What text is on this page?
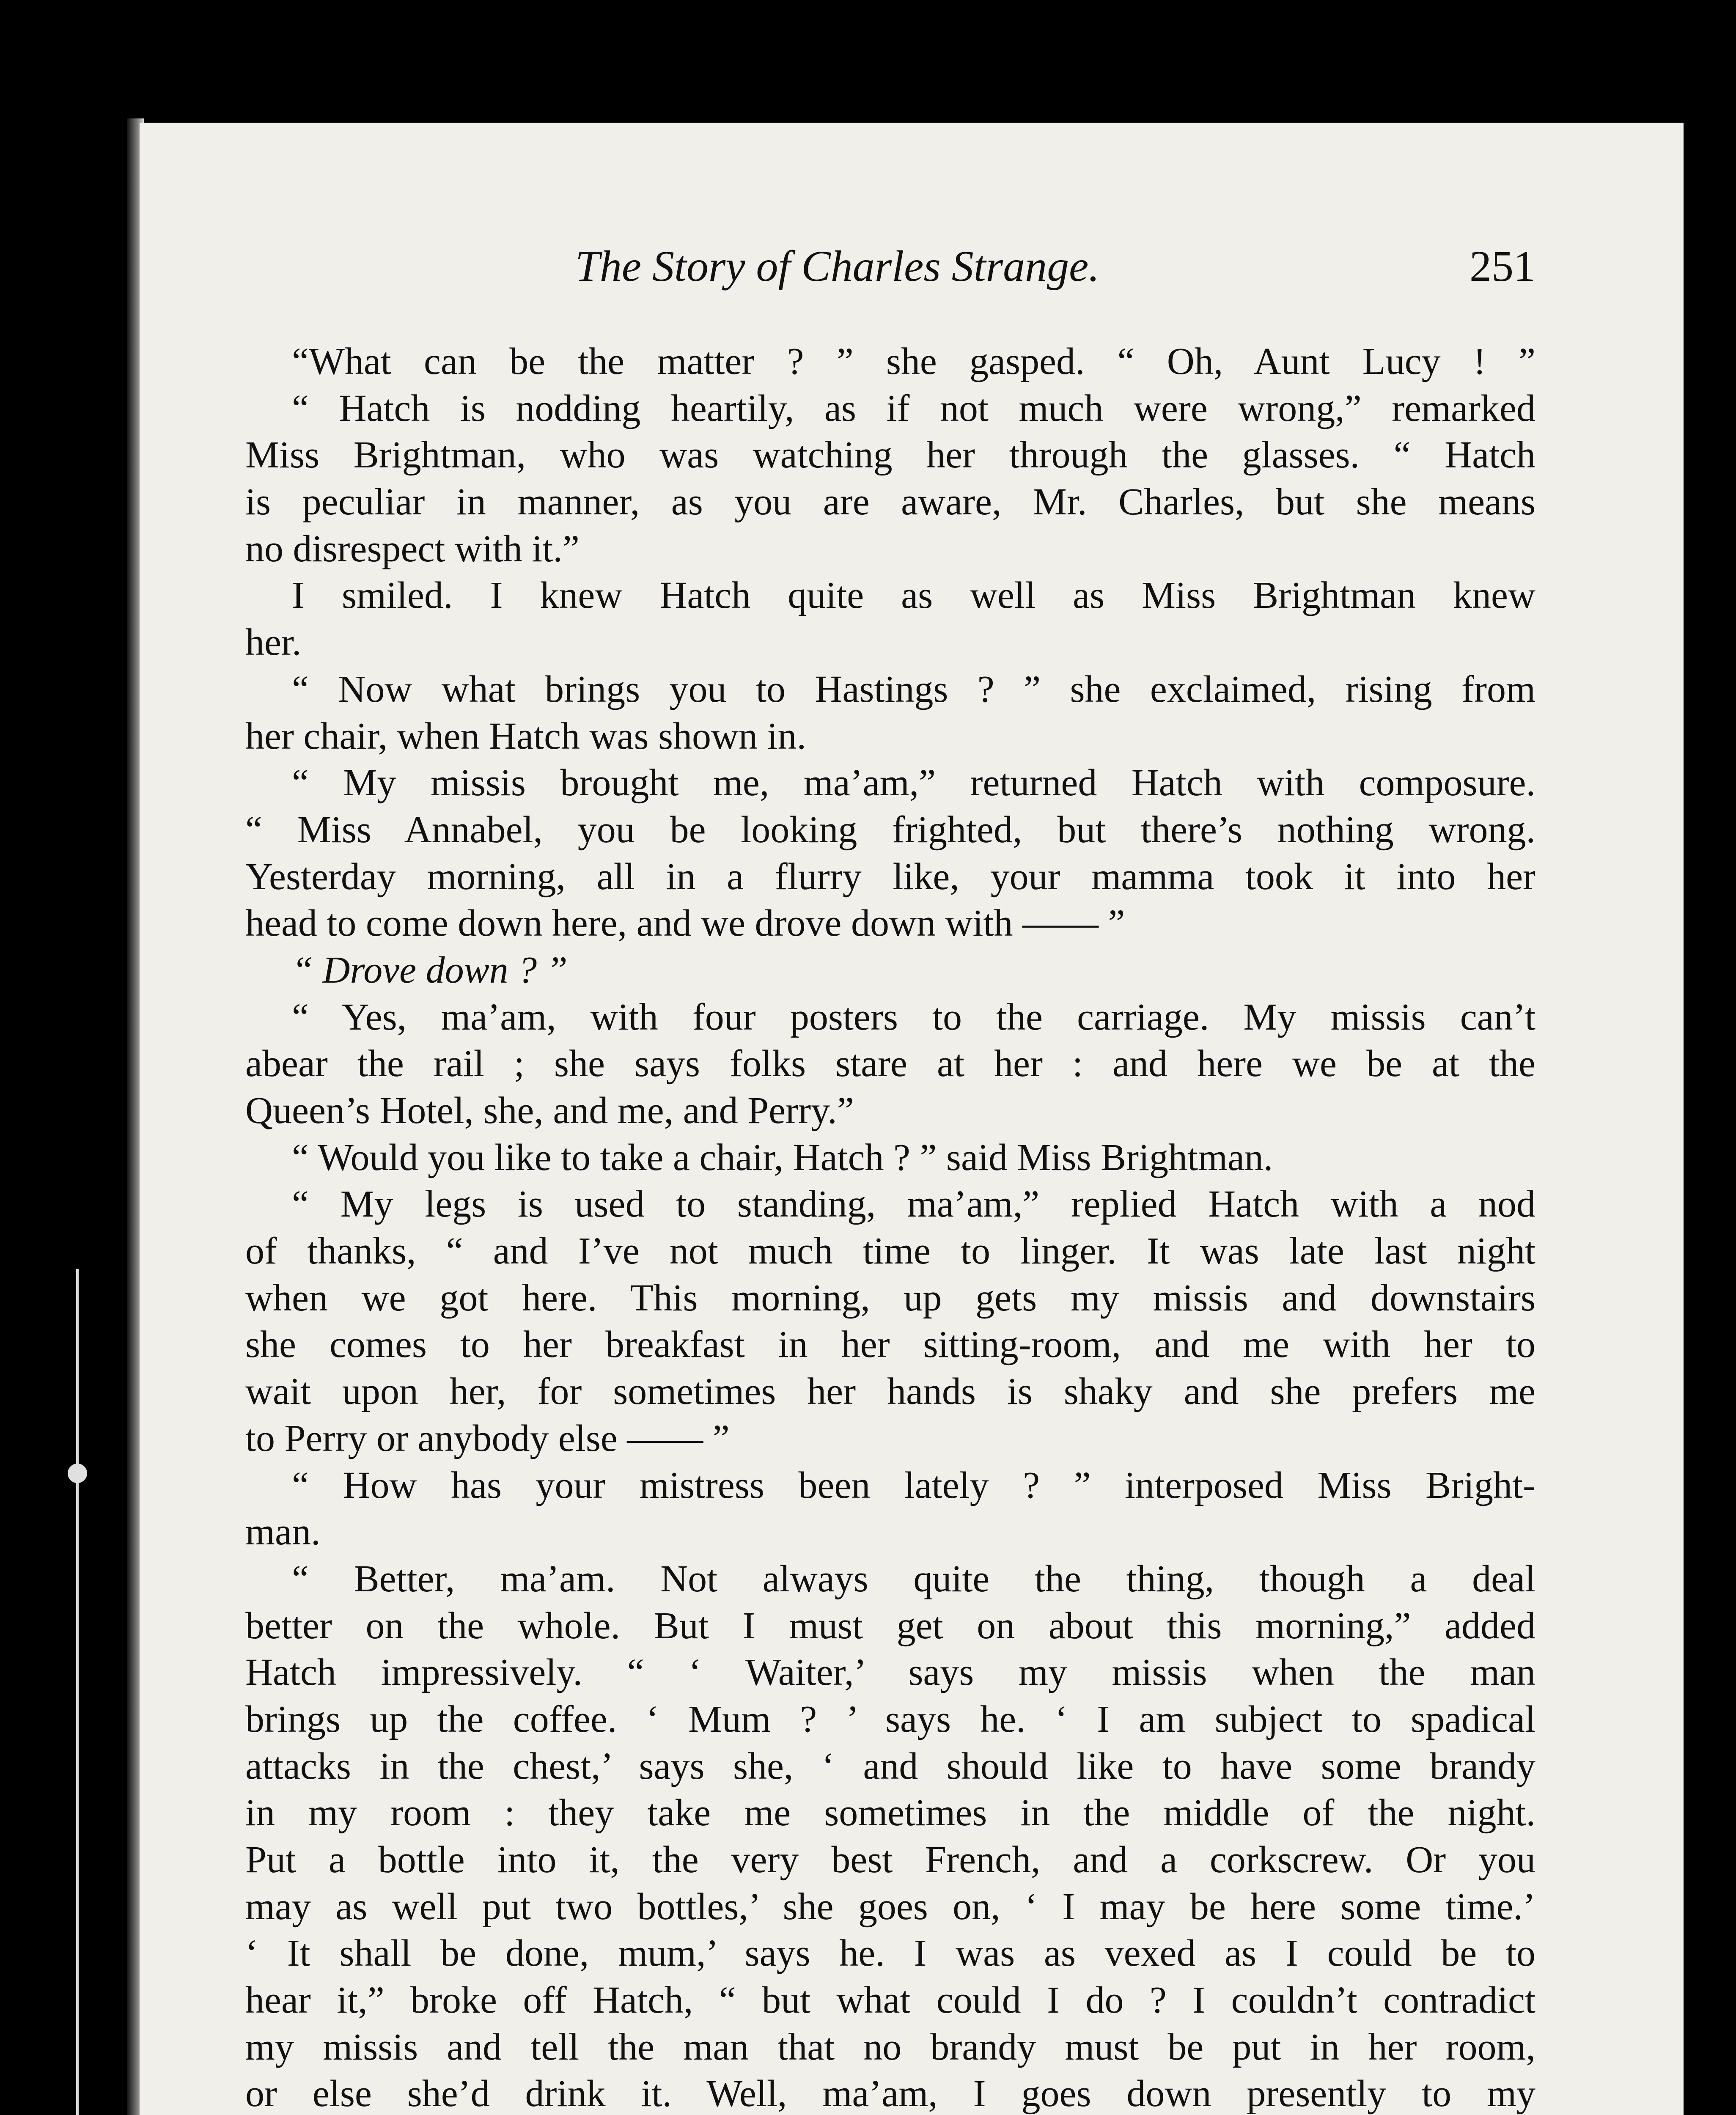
The Story of Charles Strange.	251
“What can be the matter ? ” she gasped. “ Oh, Aunt Lucy ! ”
“ Hatch is nodding heartily, as if not much were wrong,” remarked
Miss Brightman, who was watching her through the glasses. “ Hatch
is peculiar in manner, as you are aware, Mr. Charles, but she means
no disrespect with it.”
I smiled. I knew Hatch quite as well as Miss Brightman knew
her.
“ Now what brings you to Hastings ? ” she exclaimed, rising from
her chair, when Hatch was shown in.
“ My missis brought me, ma’am,” returned Hatch with composure.
“ Miss Annabel, you be looking frighted, but there’s nothing wrong.
Yesterday morning, all in a flurry like, your mamma took it into her
head to come down here, and we drove down with —— ”
“ Drove down ? ”
“ Yes, ma’am, with four posters to the carriage. My missis can’t
abear the rail ; she says folks stare at her : and here we be at the
Queen’s Hotel, she, and me, and Perry.”
“ Would you like to take a chair, Hatch ? ” said Miss Brightman.
“ My legs is used to standing, ma’am,” replied Hatch with a nod
of thanks, “ and I’ve not much time to linger. It was late last night
when we got here. This morning, up gets my missis and downstairs
she comes to her breakfast in her sitting-room, and me with her to
wait upon her, for sometimes her hands is shaky and she prefers me
to Perry or anybody else —— ”
“ How has your mistress been lately ? ” interposed Miss Bright-
man.
“ Better, ma’am. Not always quite the thing, though a deal
better on the whole. But I must get on about this morning,” added
Hatch impressively. “ ‘ Waiter,’ says my missis when the man
brings up the coffee. ‘ Mum ? ’ says he. ‘ I am subject to spadical
attacks in the chest,’ says she, ‘ and should like to have some brandy
in my room : they take me sometimes in the middle of the night.
Put a bottle into it, the very best French, and a corkscrew. Or you
may as well put two bottles,’ she goes on, ‘ I may be here some time.’
‘ It shall be done, mum,’ says he. I was as vexed as I could be to
hear it,” broke off Hatch, “ but what could I do ? I couldn’t contradict
my missis and tell the man that no brandy must be put in her room,
or else she’d drink it. Well, ma’am, I goes down presently to my
